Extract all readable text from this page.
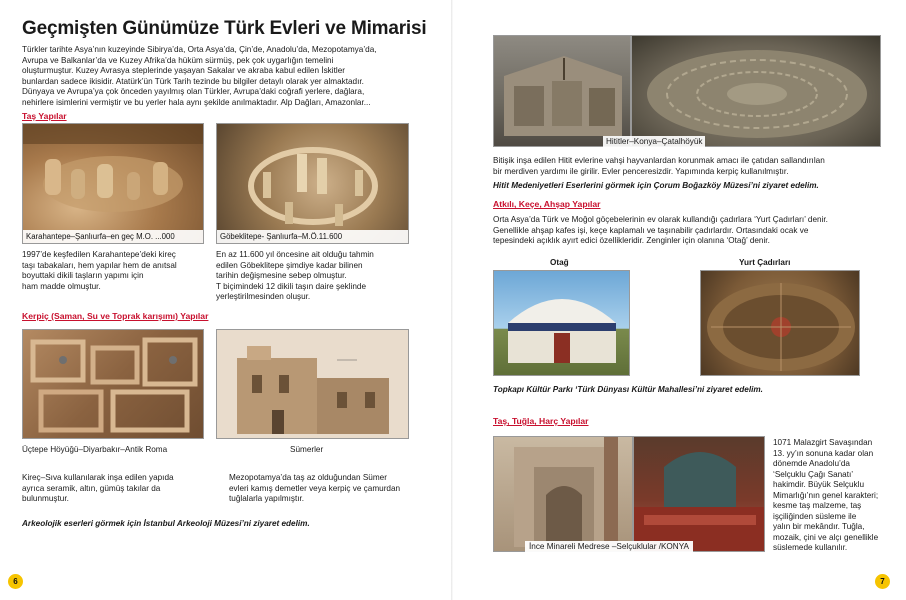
Geçmişten Günümüze Türk Evleri ve Mimarisi
Türkler tarihte Asya’nın kuzeyinde Sibirya’da, Orta Asya’da, Çin’de, Anadolu’da, Mezopotamya’da,
Avrupa ve Balkanlar’da ve Kuzey Afrika’da hüküm sürmüş, pek çok uygarlığın temelini
oluşturmuştur. Kuzey Avrasya steplerinde yaşayan Sakalar ve akraba kabul edilen İskitler
bunlardan sadece ikisidir. Atatürk’ün Türk Tarih tezinde bu bilgiler detaylı olarak yer almaktadır.
Dünyaya ve Avrupa’ya çok önceden yayılmış olan Türkler, Avrupa’daki coğrafi yerlere, dağlara,
nehirlere isimlerini vermiştir ve bu yerler hala aynı şekilde anılmaktadır. Alp Dağları, Amazonlar...
Taş Yapılar
Karahantepe–Şanlıurfa–en geç M.O. ...000	Göbeklitepe- Şanlıurfa–M.Ö.11.600
1997’de keşfedilen Karahantepe’deki kireç
taşı tabakaları, hem yapılar hem de anıtsal
boyuttaki dikili taşların yapımı için
ham madde olmuştur.
En az 11.600 yıl öncesine ait olduğu tahmin
edilen Göbeklitepe şimdiye kadar bilinen
tarihin değişmesine sebep olmuştur.
T biçimindeki 12 dikili taşın daire şeklinde
yerleştirilmesinden oluşur.
Kerpiç (Saman, Su ve Toprak karışımı) Yapılar
Üçtepe Höyüğü–Diyarbakır–Antik Roma	Sümerler
Kireç–Sıva kullanılarak inşa edilen yapıda
ayrıca seramik, altın, gümüş takılar da
bulunmuştur.
Mezopotamya’da taş az olduğundan Sümer
evleri kamış demetler veya kerpiç ve çamurdan
tuğlalarla yapılmıştır.
Arkeolojik eserleri görmek için İstanbul Arkeoloji Müzesi’ni ziyaret edelim.
6
Hititler–Konya–Çatalhöyük
Bitişik inşa edilen Hitit evlerine vahşi hayvanlardan korunmak amacı ile çatıdan sallandırılan
bir merdiven yardımı ile girilir. Evler penceresizdir. Yapımında kerpiç kullanılmıştır.
Hitit Medeniyetleri Eserlerini görmek için Çorum Boğazköy Müzesi’ni ziyaret edelim.
Atkılı, Keçe, Ahşap Yapılar
Orta Asya’da Türk ve Moğol göçebelerinin ev olarak kullandığı çadırlara ‘Yurt Çadırları’ denir.
Genellikle ahşap kafes işi, keçe kaplamalı ve taşınabilir çadırlardır. Ortasındaki ocak ve
tepesindeki açıklık ayırt edici özellikleridir. Zenginler için olanına ‘Otağ’ denir.
Otağ	Yurt Çadırları
Topkapı Kültür Parkı ‘Türk Dünyası Kültür Mahallesi’ni ziyaret edelim.
Taş, Tuğla, Harç Yapılar
İnce Minareli Medrese –Selçuklular /KONYA
1071 Malazgirt Savaşından
13. yy’ın sonuna kadar olan
dönemde Anadolu’da
‘Selçuklu Çağı Sanatı’
hakimdir. Büyük Selçuklu
Mimarlığı’nın genel karakteri;
kesme taş malzeme, taş
işçiliğinden süsleme ile
yalın bir mekândır. Tuğla,
mozaik, çini ve alçı genellikle
süslemede kullanılır.
7
